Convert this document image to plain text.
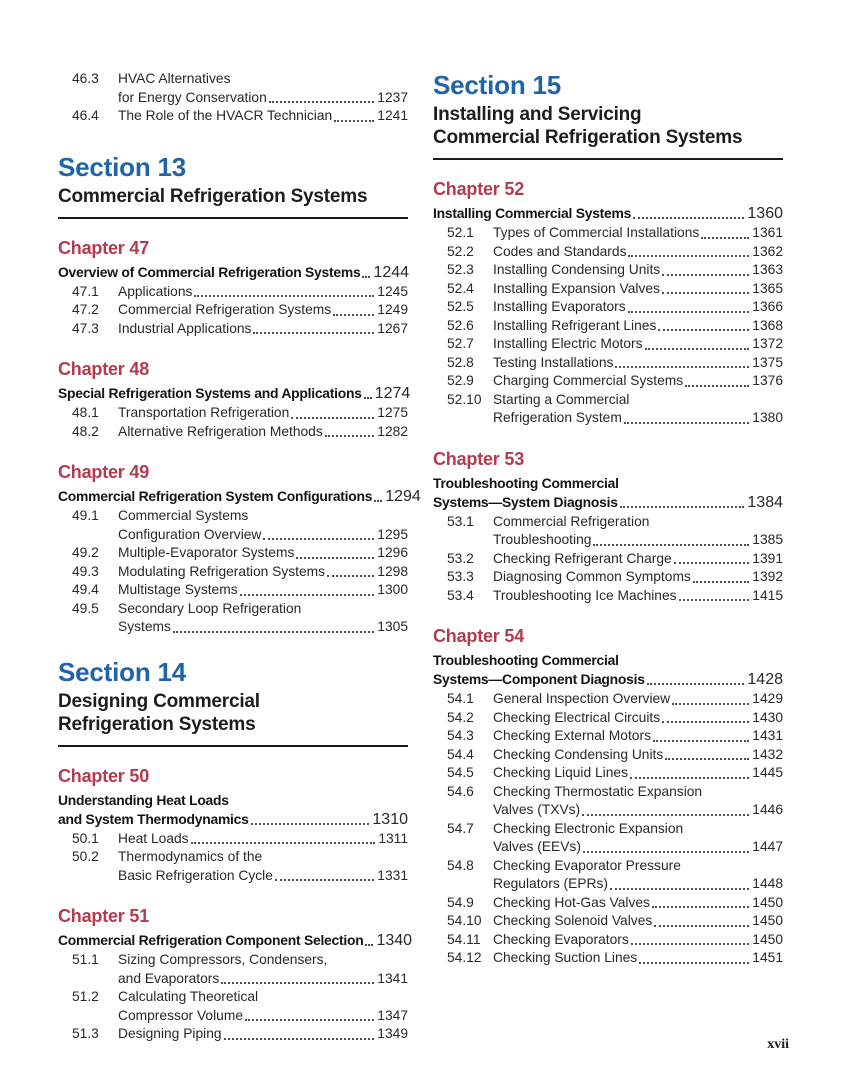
46.3	HVAC Alternatives
for Energy Conservation	1237
46.4	The Role of the HVACR Technician	1241
Section 13
Commercial Refrigeration Systems
Chapter 47
Overview of Commercial Refrigeration Systems 1244
47.1	Applications	1245
47.2	Commercial Refrigeration Systems	1249
47.3	Industrial Applications	1267
Chapter 48
Special Refrigeration Systems and Applications 1274
48.1	Transportation Refrigeration	1275
48.2	Alternative Refrigeration Methods	1282
Chapter 49
Commercial Refrigeration System Configurations 1294
49.1	Commercial Systems
Configuration Overview	1295
49.2	Multiple-Evaporator Systems	1296
49.3	Modulating Refrigeration Systems	1298
49.4	Multistage Systems	1300
49.5	Secondary Loop Refrigeration
Systems	1305
Section 14
Designing Commercial
Refrigeration Systems
Chapter 50
Understanding Heat Loads
and System Thermodynamics	1310
50.1	Heat Loads	1311
50.2	Thermodynamics of the
Basic Refrigeration Cycle	1331
Chapter 51
Commercial Refrigeration Component Selection 1340
51.1	Sizing Compressors, Condensers,
and Evaporators	1341
51.2	Calculating Theoretical
Compressor Volume	1347
51.3	Designing Piping	1349
Section 15
Installing and Servicing
Commercial Refrigeration Systems
Chapter 52
Installing Commercial Systems	1360
52.1	Types of Commercial Installations	1361
52.2	Codes and Standards	1362
52.3	Installing Condensing Units	1363
52.4	Installing Expansion Valves	1365
52.5	Installing Evaporators	1366
52.6	Installing Refrigerant Lines	1368
52.7	Installing Electric Motors	1372
52.8	Testing Installations	1375
52.9	Charging Commercial Systems	1376
52.10 Starting a Commercial
Refrigeration System	1380
Chapter 53
Troubleshooting Commercial
Systems—System Diagnosis	1384
53.1	Commercial Refrigeration
Troubleshooting	1385
53.2	Checking Refrigerant Charge	1391
53.3	Diagnosing Common Symptoms	1392
53.4	Troubleshooting Ice Machines	1415
Chapter 54
Troubleshooting Commercial
Systems—Component Diagnosis	1428
54.1	General Inspection Overview	1429
54.2	Checking Electrical Circuits	1430
54.3	Checking External Motors	1431
54.4	Checking Condensing Units	1432
54.5	Checking Liquid Lines	1445
54.6	Checking Thermostatic Expansion
Valves (TXVs)	1446
54.7	Checking Electronic Expansion
Valves (EEVs)	1447
54.8	Checking Evaporator Pressure
Regulators (EPRs)	1448
54.9	Checking Hot-Gas Valves	1450
54.10 Checking Solenoid Valves	1450
54.11 Checking Evaporators	1450
54.12 Checking Suction Lines	1451
xvii
